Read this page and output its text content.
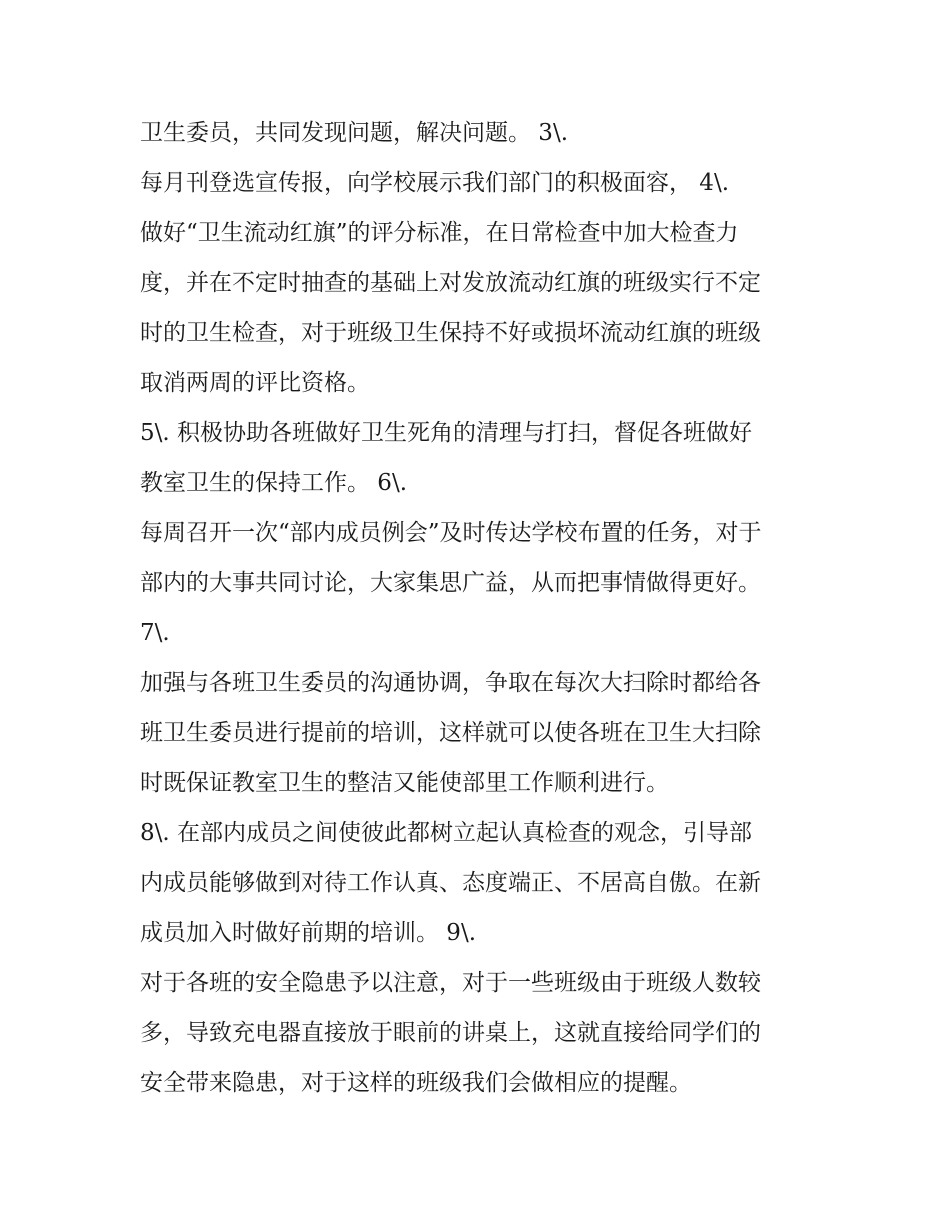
卫生委员，共同发现问题，解决问题。 3\.
每月刊登选宣传报，向学校展示我们部门的积极面容， 4\.
做好“卫生流动红旗”的评分标准，在日常检查中加大检查力
度，并在不定时抽查的基础上对发放流动红旗的班级实行不定
时的卫生检查，对于班级卫生保持不好或损坏流动红旗的班级
取消两周的评比资格。
5\. 积极协助各班做好卫生死角的清理与打扫，督促各班做好
教室卫生的保持工作。 6\.
每周召开一次“部内成员例会”及时传达学校布置的任务，对于
部内的大事共同讨论，大家集思广益，从而把事情做得更好。
7\.
加强与各班卫生委员的沟通协调，争取在每次大扫除时都给各
班卫生委员进行提前的培训，这样就可以使各班在卫生大扫除
时既保证教室卫生的整洁又能使部里工作顺利进行。
8\. 在部内成员之间使彼此都树立起认真检查的观念，引导部
内成员能够做到对待工作认真、态度端正、不居高自傲。在新
成员加入时做好前期的培训。 9\.
对于各班的安全隐患予以注意，对于一些班级由于班级人数较
多，导致充电器直接放于眼前的讲桌上，这就直接给同学们的
安全带来隐患，对于这样的班级我们会做相应的提醒。
